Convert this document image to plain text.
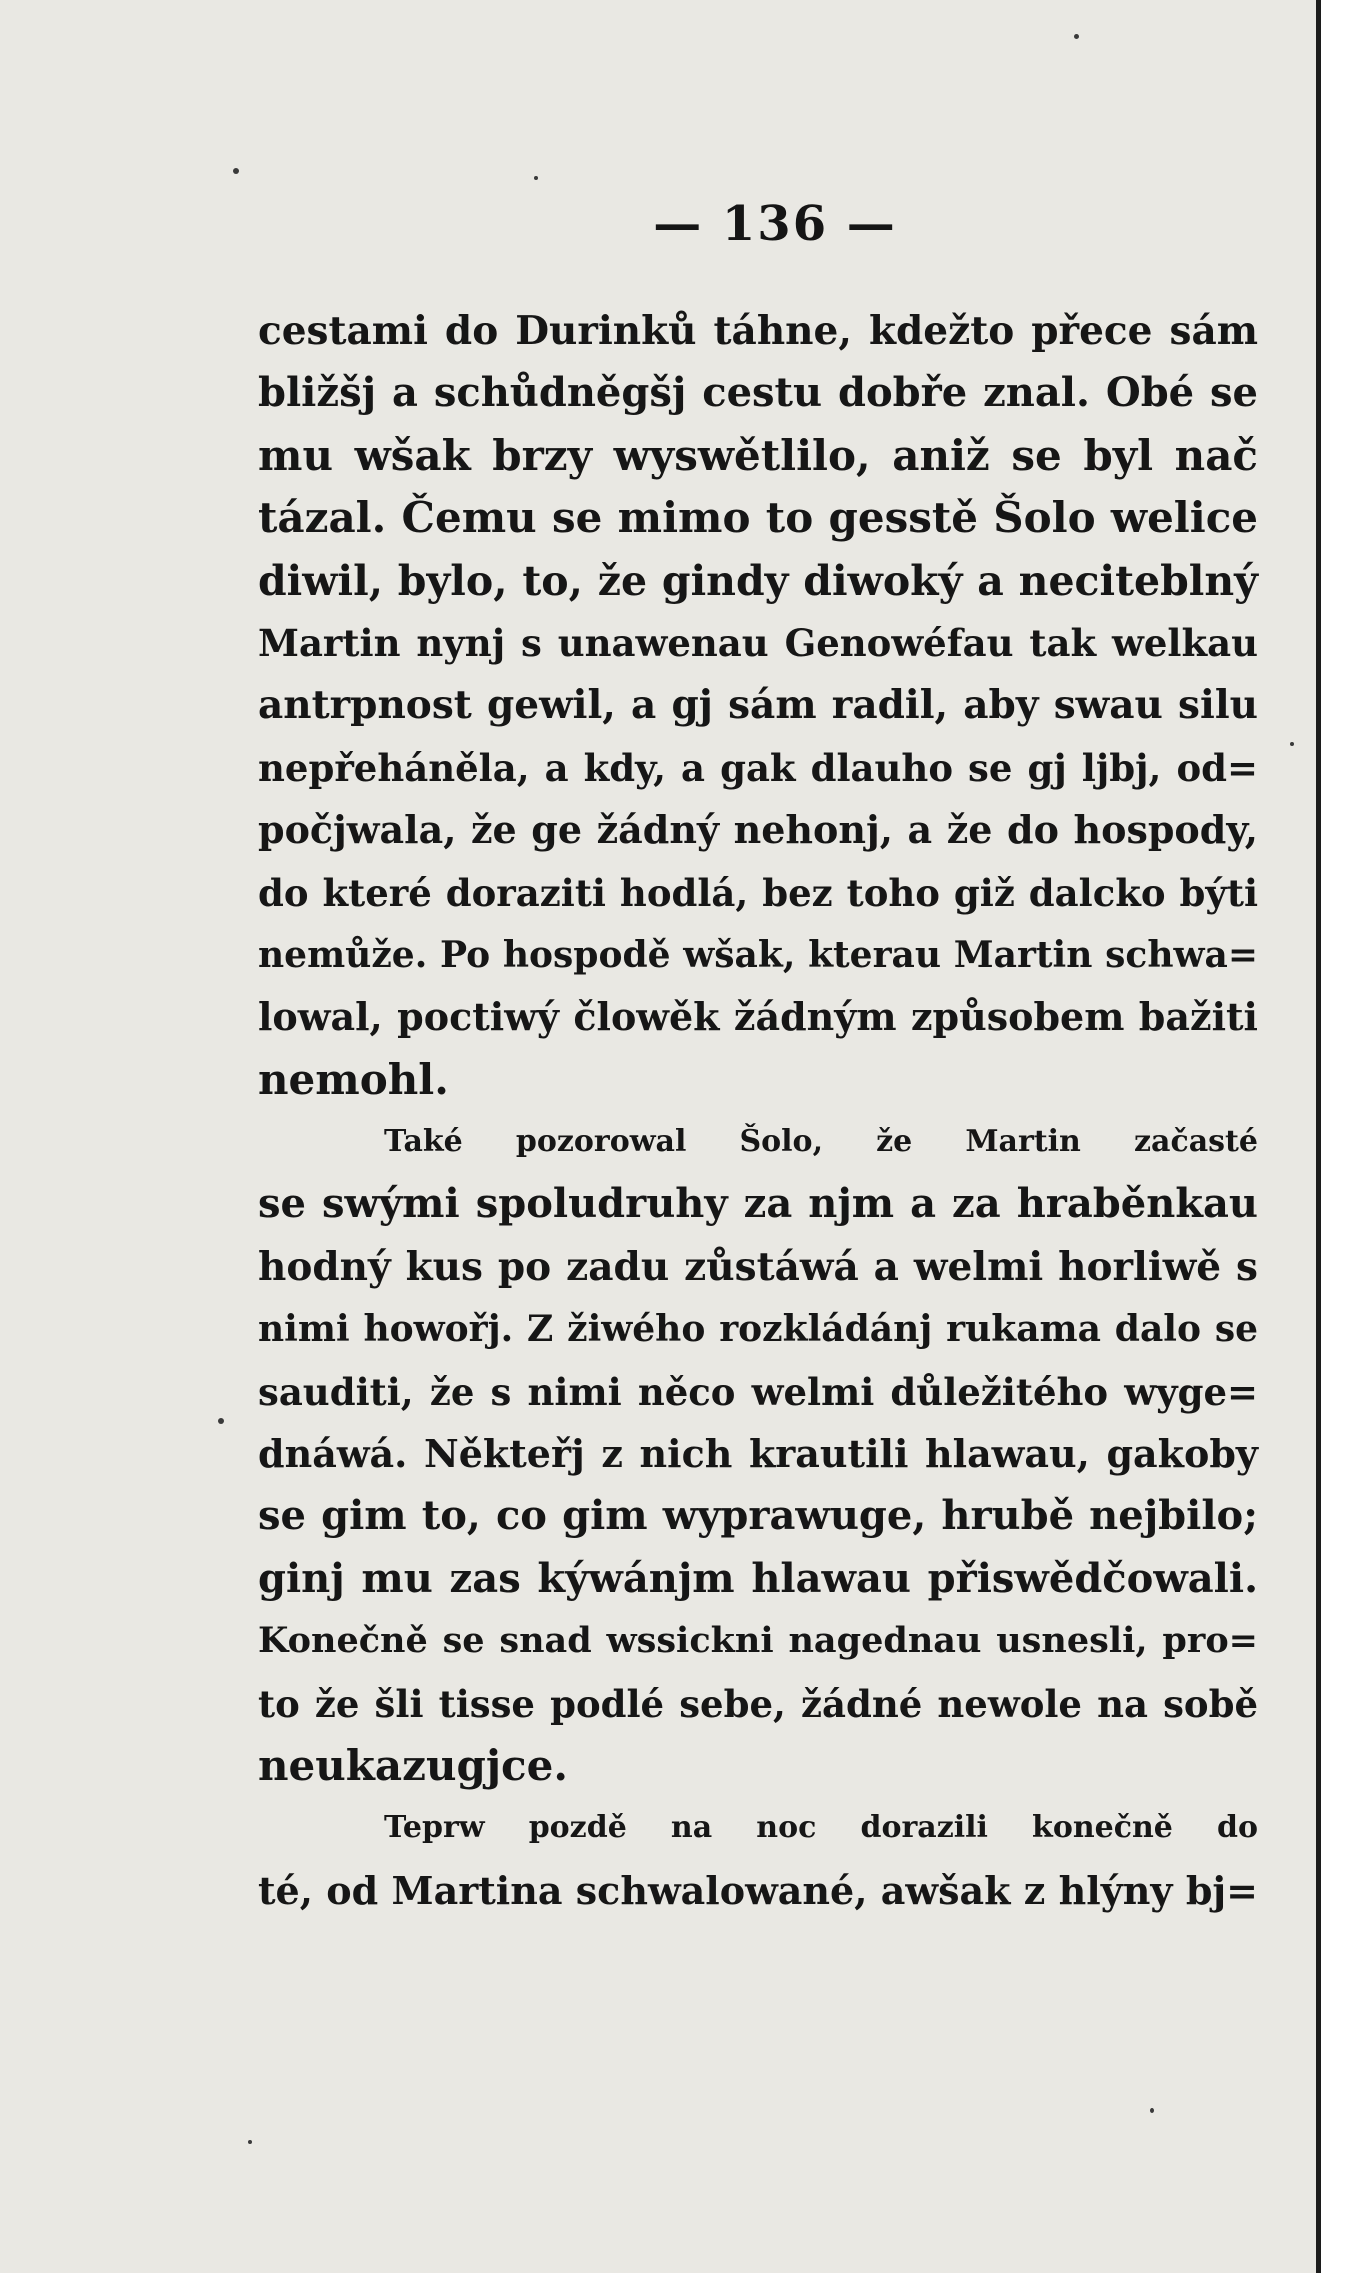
— 136 —
cestami do Durinků táhne, kdežto přece sám
bližšj a schůdněgšj cestu dobře znal. Obé se
mu wšak brzy wyswětlilo, aniž se byl nač
tázal. Čemu se mimo to gesstě Šolo welice
diwil, bylo, to, že gindy diwoký a neciteblný
Martin nynj s unawenau Genowéfau tak welkau
antrpnost gewil, a gj sám radil, aby swau silu
nepřeháněla, a kdy, a gak dlauho se gj ljbj, od=
počjwala, že ge žádný nehonj, a že do hospody,
do které doraziti hodlá, bez toho giž dalcko býti
nemůže. Po hospodě wšak, kterau Martin schwa=
lowal, poctiwý člowěk žádným způsobem bažiti
nemohl.
Také pozorowal Šolo, že Martin začasté
se swými spoludruhy za njm a za hraběnkau
hodný kus po zadu zůstáwá a welmi horliwě s
nimi howořj. Z žiwého rozkládánj rukama dalo se
sauditi, že s nimi něco welmi důležitého wyge=
dnáwá. Někteřj z nich krautili hlawau, gakoby
se gim to, co gim wyprawuge, hrubě nejbilo;
ginj mu zas kýwánjm hlawau přiswědčowali.
Konečně se snad wssickni nagednau usnesli, pro=
to že šli tisse podlé sebe, žádné newole na sobě
neukazugjce.
Teprw pozdě na noc dorazili konečně do
té, od Martina schwalowané, awšak z hlýny bj=
